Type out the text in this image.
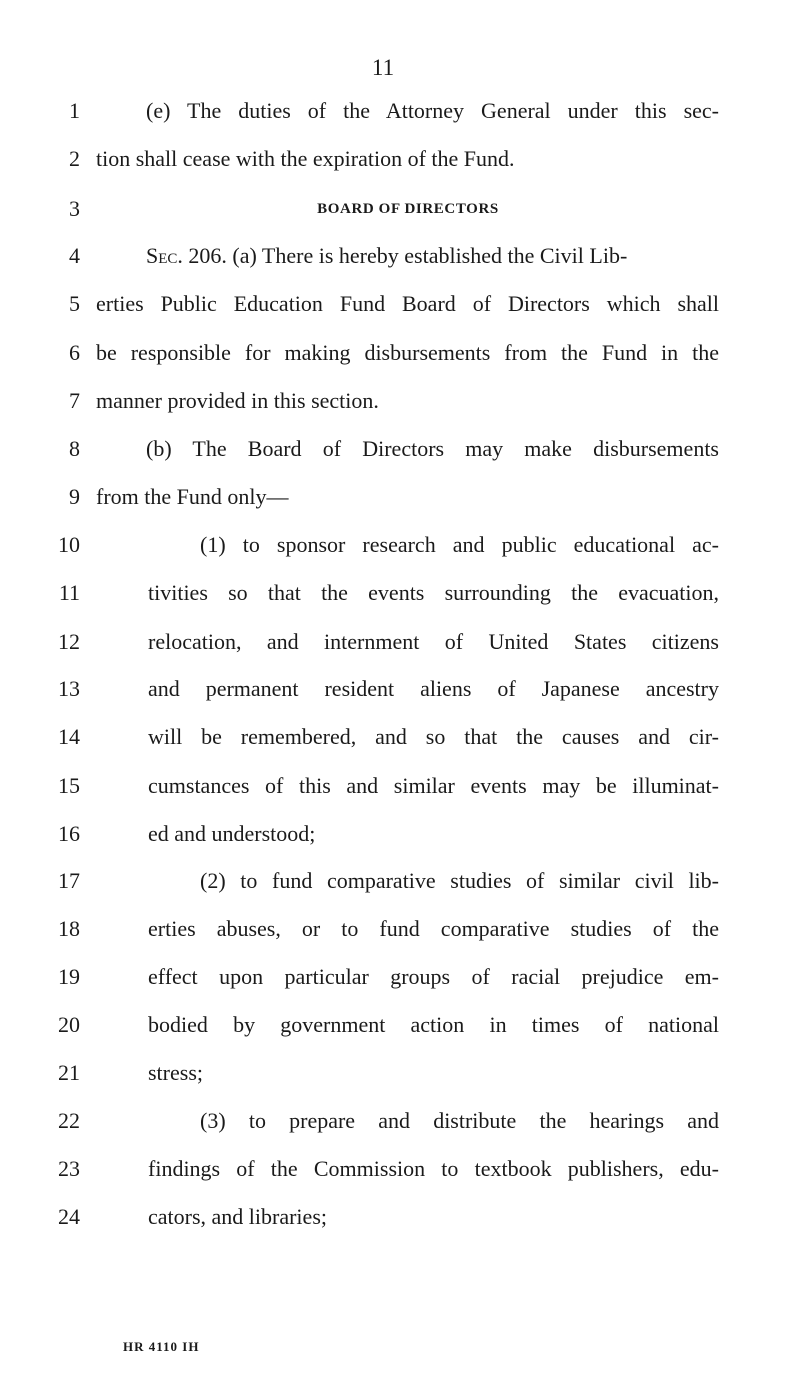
11
1	(e) The duties of the Attorney General under this sec-
2 tion shall cease with the expiration of the Fund.
3	BOARD OF DIRECTORS
4	Sec. 206. (a) There is hereby established the Civil Lib-
5 erties Public Education Fund Board of Directors which shall
6 be responsible for making disbursements from the Fund in the
7 manner provided in this section.
8	(b) The Board of Directors may make disbursements
9 from the Fund only—
10	(1) to sponsor research and public educational ac-
11	tivities so that the events surrounding the evacuation,
12	relocation, and internment of United States citizens
13	and permanent resident aliens of Japanese ancestry
14	will be remembered, and so that the causes and cir-
15	cumstances of this and similar events may be illuminat-
16	ed and understood;
17	(2) to fund comparative studies of similar civil lib-
18	erties abuses, or to fund comparative studies of the
19	effect upon particular groups of racial prejudice em-
20	bodied by government action in times of national
21	stress;
22	(3) to prepare and distribute the hearings and
23	findings of the Commission to textbook publishers, edu-
24	cators, and libraries;
HR 4110 IH
